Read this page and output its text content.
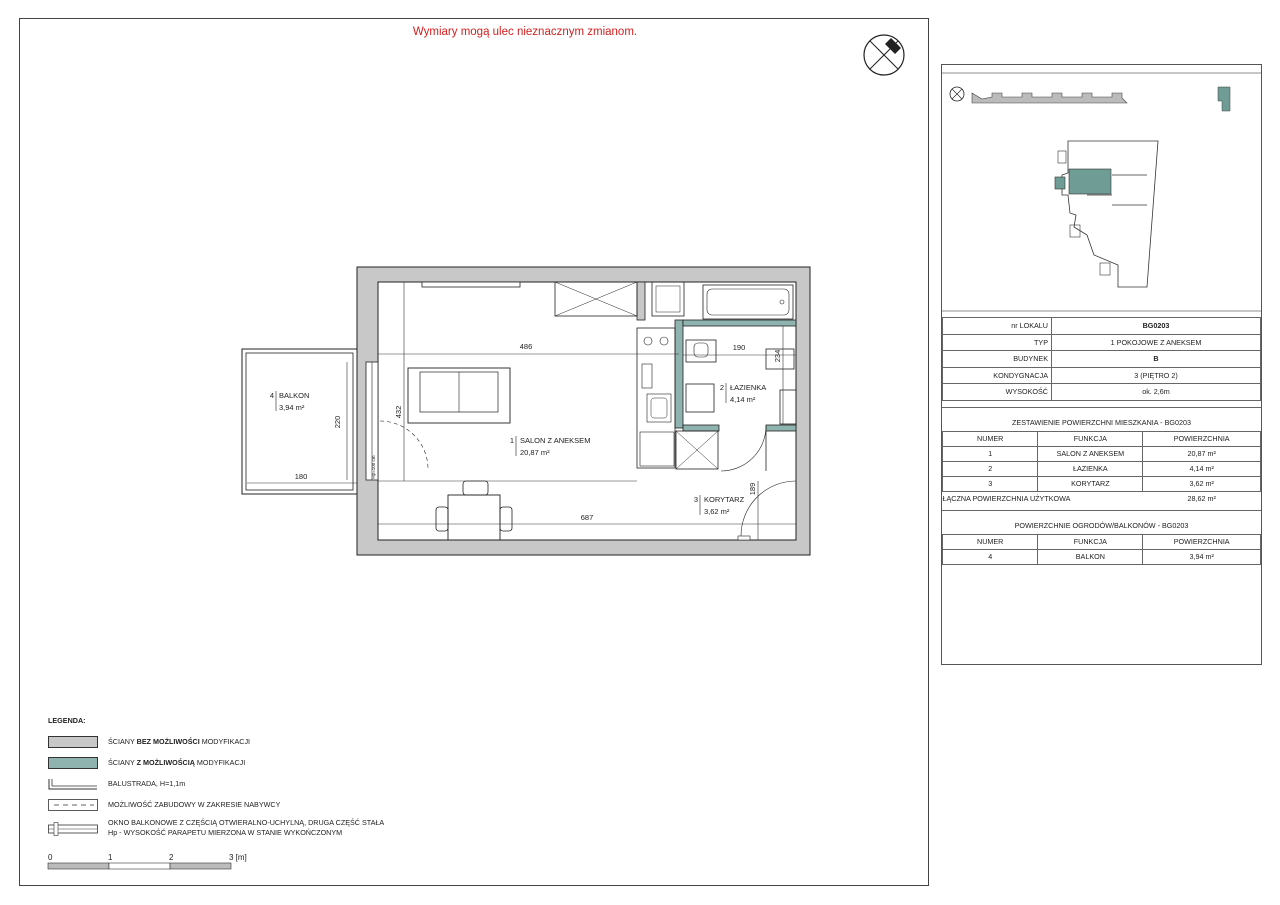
Wymiary mogą ulec nieznacznym zmianom.
486	190
234
432
220
180
687
189
Hp=100 cm
1 SALON Z ANEKSEM
20,87 m²
2 ŁAZIENKA
4,14 m²
3 KORYTARZ
3,62 m²
4 BALKON
3,94 m²
nr LOKALU	BG0203
TYP	1 POKOJOWE Z ANEKSEM
BUDYNEK	B
KONDYGNACJA	3 (PIĘTRO 2)
WYSOKOŚĆ	ok. 2,6m
ZESTAWIENIE POWIERZCHNI MIESZKANIA - BG0203
NUMER	FUNKCJA	POWIERZCHNIA
1	SALON Z ANEKSEM	20,87 m²
2	ŁAZIENKA	4,14 m²
3	KORYTARZ	3,62 m²
ŁĄCZNA POWIERZCHNIA UŻYTKOWA		28,62 m²
POWIERZCHNIE OGRODÓW/BALKONÓW - BG0203
NUMER	FUNKCJA	POWIERZCHNIA
4	BALKON	3,94 m²
LEGENDA:
ŚCIANY BEZ MOŻLIWOŚCI MODYFIKACJI
ŚCIANY Z MOŻLIWOŚCIĄ MODYFIKACJI
BALUSTRADA, H=1,1m
MOŻLIWOŚĆ ZABUDOWY W ZAKRESIE NABYWCY
OKNO BALKONOWE Z CZĘŚCIĄ OTWIERALNO-UCHYLNĄ, DRUGA CZĘŚĆ STAŁA
Hp - WYSOKOŚĆ PARAPETU MIERZONA W STANIE WYKOŃCZONYM
0	1	2	3 [m]
